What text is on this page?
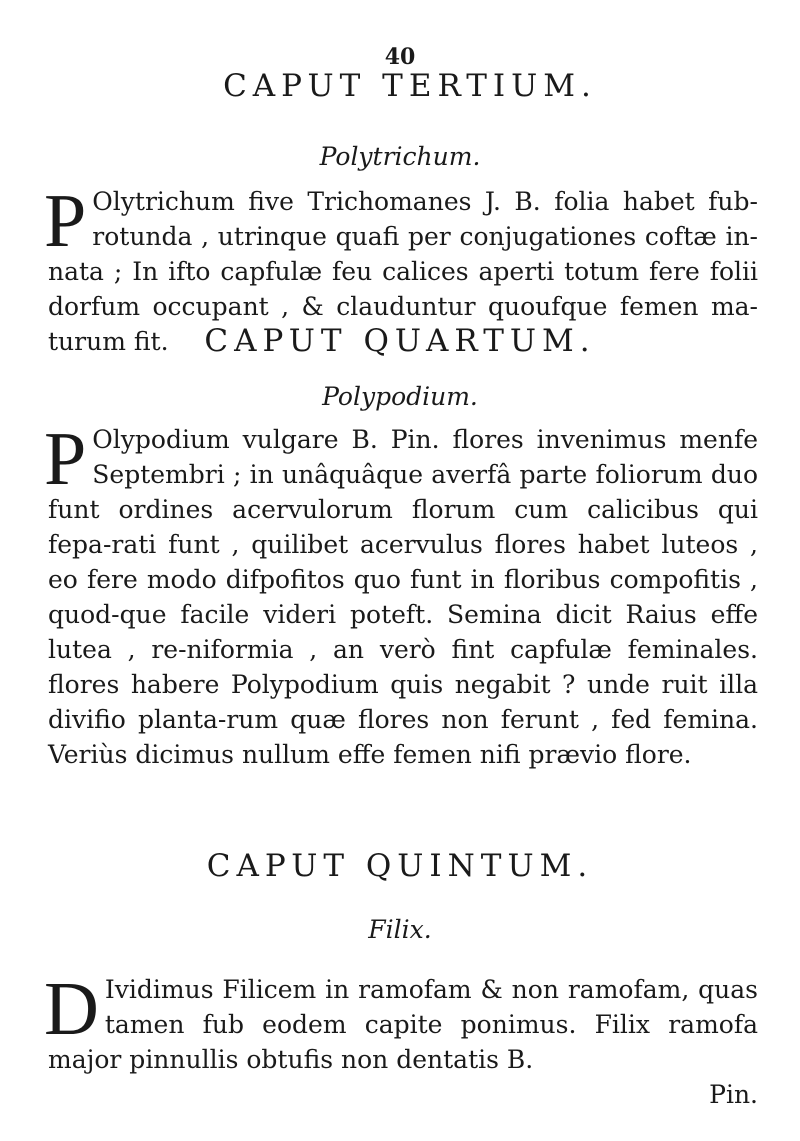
40
CAPUT TERTIUM.
Polytrichum.
P Olytrichum five Trichomanes J. B. folia habet fub-rotunda , utrinque quafi per conjugationes coftæ in-nata ; In ifto capfulæ feu calices aperti totum fere folii dorfum occupant , & clauduntur quoufque femen ma-turum fit.	CAPUT QUARTUM.
Polypodium.
P Olypodium vulgare B. Pin. flores invenimus menfe Septembri ; in unâquâque averfâ parte foliorum duo funt ordines acervulorum florum cum calicibus qui fepa-rati funt , quilibet acervulus flores habet luteos , eo fere modo difpofitos quo funt in floribus compofitis , quod-que facile videri poteft. Semina dicit Raius effe lutea , re-niformia , an verò fint capfulæ feminales. flores habere Polypodium quis negabit ? unde ruit illa divifio planta-rum quæ flores non ferunt , fed femina. Veriùs dicimus nullum effe femen nifi prævio flore.
CAPUT QUINTUM.
Filix.
D Ividimus Filicem in ramofam & non ramofam, quas tamen fub eodem capite ponimus. Filix ramofa major pinnullis obtufis non dentatis B.
Pin.
